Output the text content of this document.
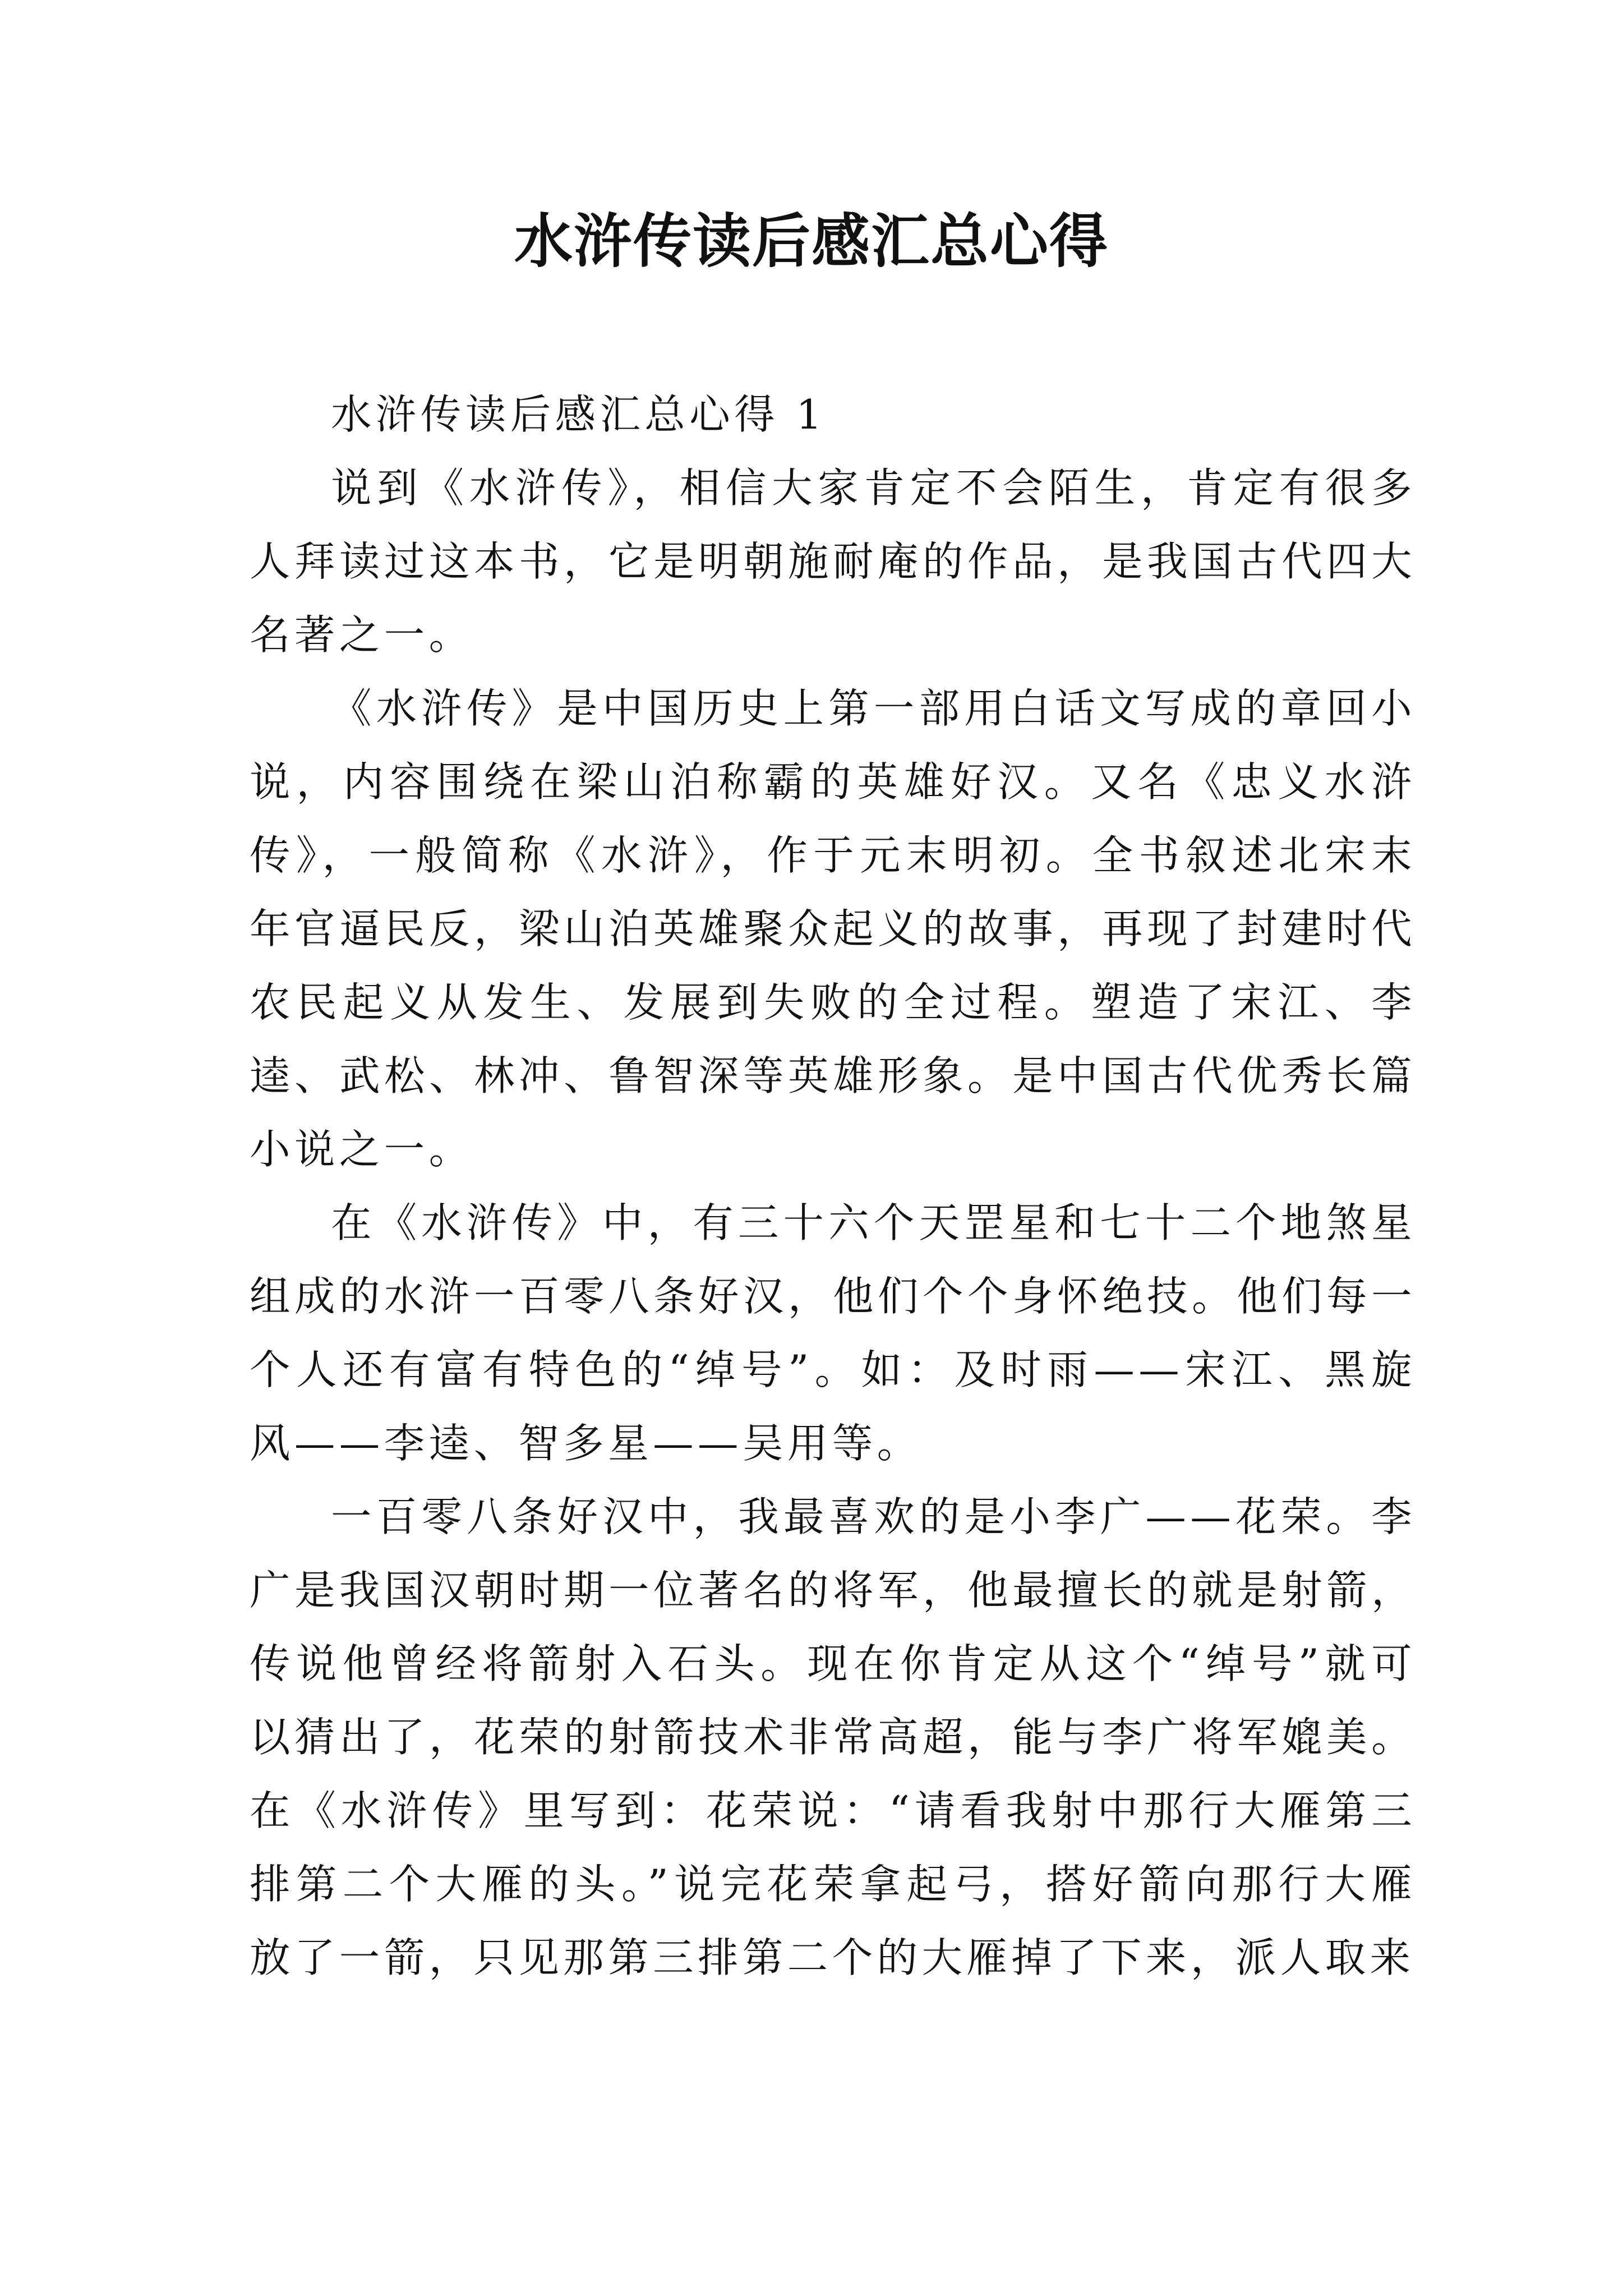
水浒传读后感汇总心得
水浒传读后感汇总心得 1

说到《水浒传》，相信大家肯定不会陌生，肯定有很多人拜读过这本书，它是明朝施耐庵的作品，是我国古代四大名著之一。

《水浒传》是中国历史上第一部用白话文写成的章回小说，内容围绕在梁山泊称霸的英雄好汉。又名《忠义水浒传》，一般简称《水浒》，作于元末明初。全书叙述北宋末年官逼民反，梁山泊英雄聚众起义的故事，再现了封建时代农民起义从发生、发展到失败的全过程。塑造了宋江、李逵、武松、林冲、鲁智深等英雄形象。是中国古代优秀长篇小说之一。

在《水浒传》中，有三十六个天罡星和七十二个地煞星组成的水浒一百零八条好汉，他们个个身怀绝技。他们每一个人还有富有特色的“绰号”。如：及时雨——宋江、黑旋风——李逵、智多星——吴用等。

一百零八条好汉中，我最喜欢的是小李广——花荣。李广是我国汉朝时期一位著名的将军，他最擅长的就是射箭，传说他曾经将箭射入石头。现在你肯定从这个“绰号”就可以猜出了，花荣的射箭技术非常高超，能与李广将军媲美。在《水浒传》里写到：花荣说：“请看我射中那行大雁第三排第二个大雁的头。”说完花荣拿起弓，搭好箭向那行大雁放了一箭，只见那第三排第二个的大雁掉了下来，派人取来
